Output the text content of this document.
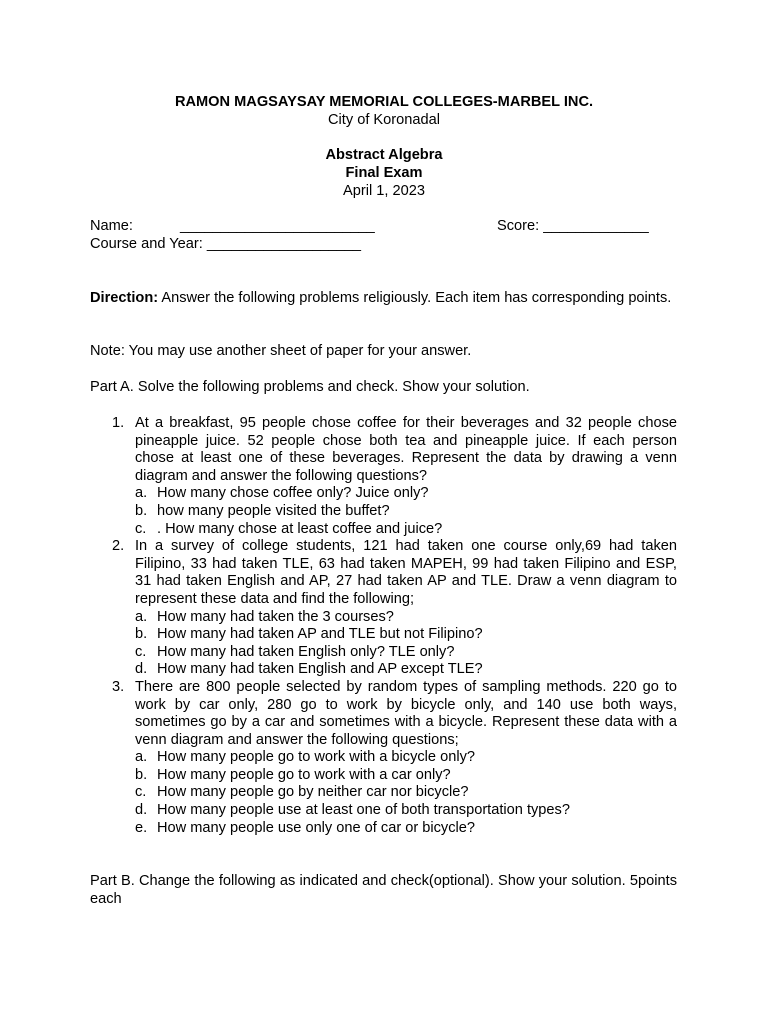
RAMON MAGSAYSAY MEMORIAL COLLEGES-MARBEL INC.
City of Koronadal
Abstract Algebra
Final Exam
April 1, 2023
Name:	________________________	Score: _____________
Course and Year: ___________________
Direction: Answer the following problems religiously. Each item has corresponding points.
Note: You may use another sheet of paper for your answer.
Part A. Solve the following problems and check. Show your solution.
1. At a breakfast, 95 people chose coffee for their beverages and 32 people chose pineapple juice. 52 people chose both tea and pineapple juice. If each person chose at least one of these beverages. Represent the data by drawing a venn diagram and answer the following questions?
a. How many chose coffee only? Juice only?
b. how many people visited the buffet?
c. . How many chose at least coffee and juice?
2. In a survey of college students, 121 had taken one course only,69 had taken Filipino, 33 had taken TLE, 63 had taken MAPEH, 99 had taken Filipino and ESP, 31 had taken English and AP, 27 had taken AP and TLE. Draw a venn diagram to represent these data and find the following;
a. How many had taken the 3 courses?
b. How many had taken AP and TLE but not Filipino?
c. How many had taken English only? TLE only?
d. How many had taken English and AP except TLE?
3. There are 800 people selected by random types of sampling methods. 220 go to work by car only, 280 go to work by bicycle only, and 140 use both ways, sometimes go by a car and sometimes with a bicycle. Represent these data with a venn diagram and answer the following questions;
a. How many people go to work with a bicycle only?
b. How many people go to work with a car only?
c. How many people go by neither car nor bicycle?
d. How many people use at least one of both transportation types?
e. How many people use only one of car or bicycle?
Part B. Change the following as indicated and check(optional). Show your solution. 5points each
